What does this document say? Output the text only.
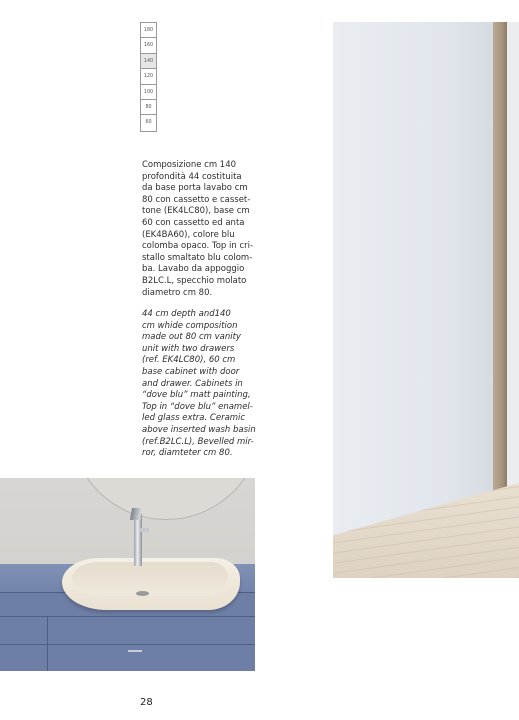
180
160
140
120
100
80
60

Composizione cm 140
profondità 44 costituita
da base porta lavabo cm
80 con cassetto e casset-
tone (EK4LC80), base cm
60 con cassetto ed anta
(EK4BA60), colore blu
colomba opaco. Top in cri-
stallo smaltato blu colom-
ba. Lavabo da appoggio
B2LC.L, specchio molato
diametro cm 80.

44 cm depth and140
cm whide composition
made out 80 cm vanity
unit with two drawers
(ref. EK4LC80), 60 cm
base cabinet with door
and drawer. Cabinets in
“dove blu” matt painting,
Top in “dove blu” enamel-
led glass extra. Ceramic
above inserted wash basin
(ref.B2LC.L), Bevelled mir-
ror, diamteter cm 80.

28
